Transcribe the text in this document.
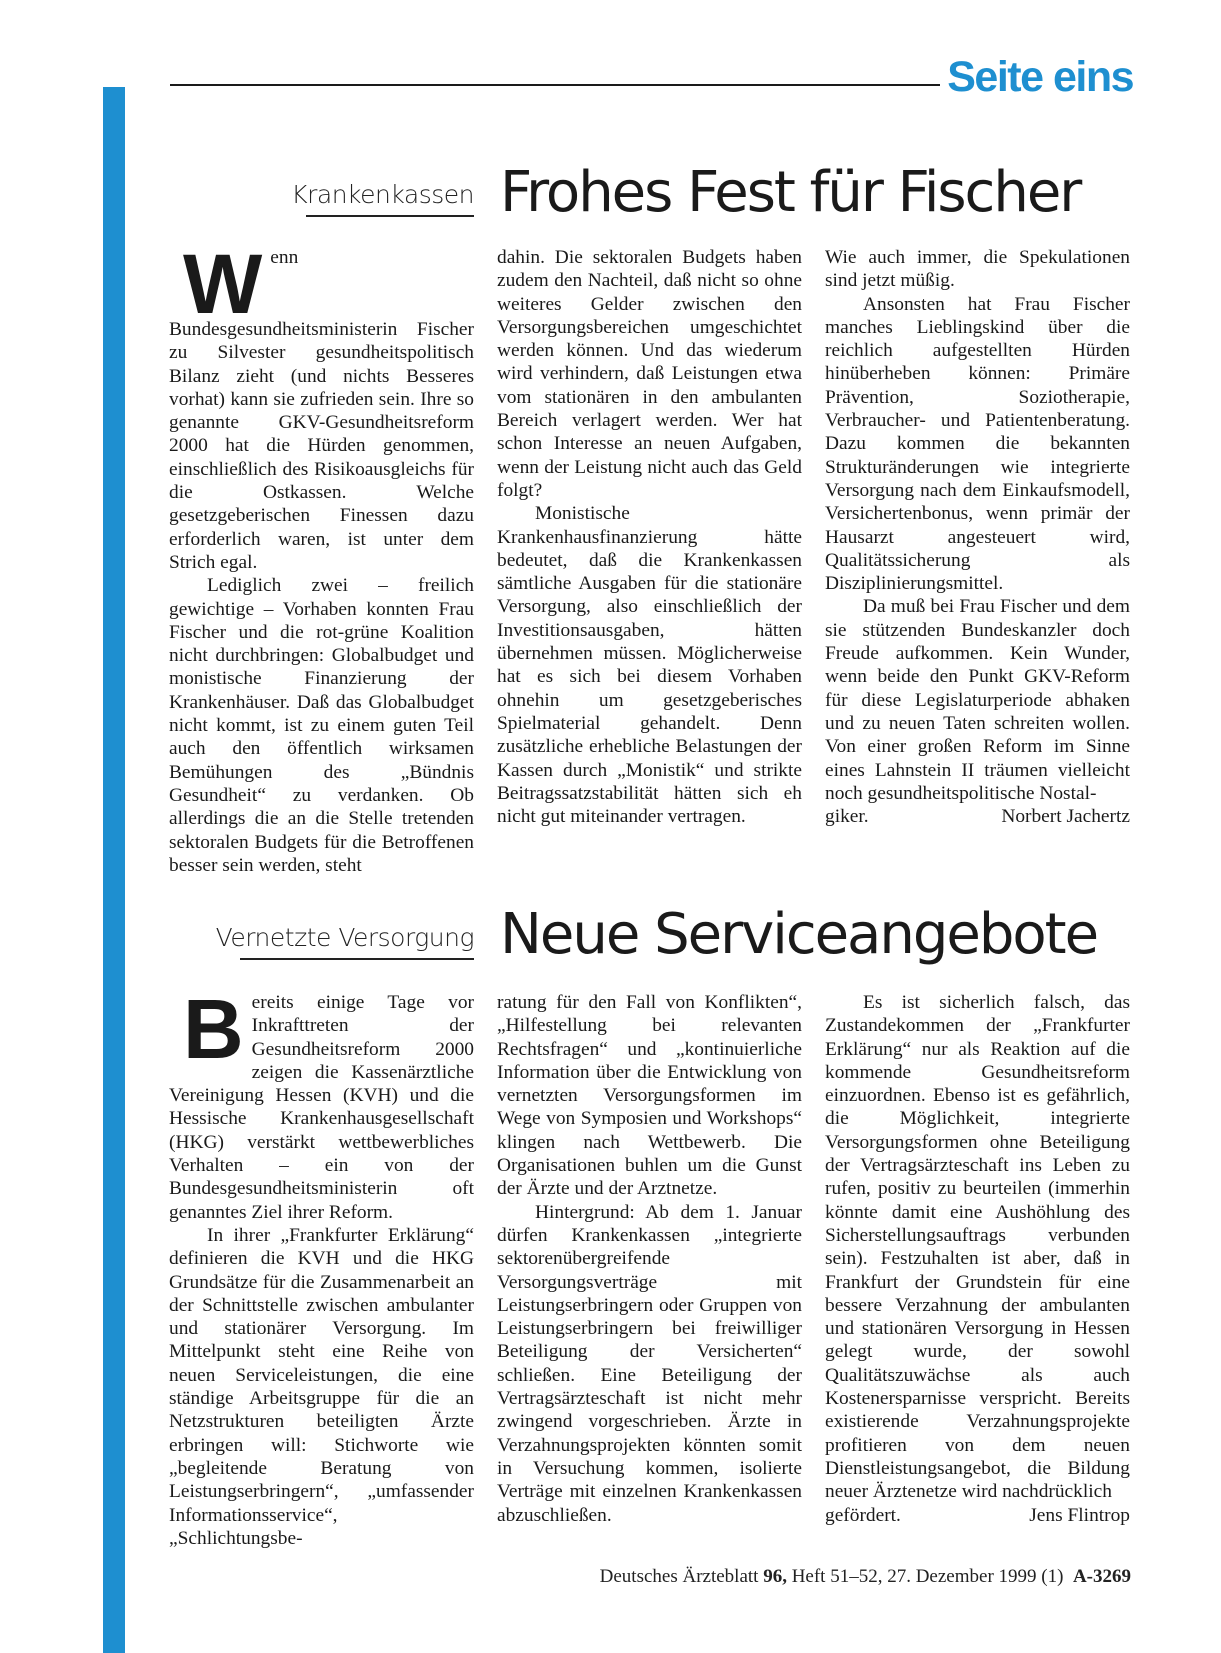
Seite eins
Krankenkassen Frohes Fest für Fischer
W enn Bundesgesundheitsministerin Fischer zu Silvester gesundheitspolitisch Bilanz zieht (und nichts Besseres vorhat) kann sie zufrieden sein. Ihre so genannte GKV-Gesundheitsreform 2000 hat die Hürden genommen, einschließlich des Risikoausgleichs für die Ostkassen. Welche gesetzgeberischen Finessen dazu erforderlich waren, ist unter dem Strich egal.

Lediglich zwei – freilich gewichtige – Vorhaben konnten Frau Fischer und die rot-grüne Koalition nicht durchbringen: Globalbudget und monistische Finanzierung der Krankenhäuser. Daß das Globalbudget nicht kommt, ist zu einem guten Teil auch den öffentlich wirksamen Bemühungen des „Bündnis Gesundheit“ zu verdanken. Ob allerdings die an die Stelle tretenden sektoralen Budgets für die Betroffenen besser sein werden, steht

dahin. Die sektoralen Budgets haben zudem den Nachteil, daß nicht so ohne weiteres Gelder zwischen den Versorgungsbereichen umgeschichtet werden können. Und das wiederum wird verhindern, daß Leistungen etwa vom stationären in den ambulanten Bereich verlagert werden. Wer hat schon Interesse an neuen Aufgaben, wenn der Leistung nicht auch das Geld folgt?

Monistische Krankenhausfinanzierung hätte bedeutet, daß die Krankenkassen sämtliche Ausgaben für die stationäre Versorgung, also einschließlich der Investitionsausgaben, hätten übernehmen müssen. Möglicherweise hat es sich bei diesem Vorhaben ohnehin um gesetzgeberisches Spielmaterial gehandelt. Denn zusätzliche erhebliche Belastungen der Kassen durch „Monistik“ und strikte Beitragssatzstabilität hätten sich eh nicht gut miteinander vertragen.

Wie auch immer, die Spekulationen sind jetzt müßig.

Ansonsten hat Frau Fischer manches Lieblingskind über die reichlich aufgestellten Hürden hinüberheben können: Primäre Prävention, Soziotherapie, Verbraucher- und Patientenberatung. Dazu kommen die bekannten Strukturänderungen wie integrierte Versorgung nach dem Einkaufsmodell, Versichertenbonus, wenn primär der Hausarzt angesteuert wird, Qualitätssicherung als Disziplinierungsmittel.

Da muß bei Frau Fischer und dem sie stützenden Bundeskanzler doch Freude aufkommen. Kein Wunder, wenn beide den Punkt GKV-Reform für diese Legislaturperiode abhaken und zu neuen Taten schreiten wollen. Von einer großen Reform im Sinne eines Lahnstein II träumen vielleicht noch gesundheitspolitische Nostal-

giker.	Norbert Jachertz
Vernetzte Versorgung Neue Serviceangebote
B ereits einige Tage vor Inkrafttreten der Gesundheitsreform 2000 zeigen die Kassenärztliche Vereinigung Hessen (KVH) und die Hessische Krankenhausgesellschaft (HKG) verstärkt wettbewerbliches Verhalten – ein von der Bundesgesundheitsministerin oft genanntes Ziel ihrer Reform.

In ihrer „Frankfurter Erklärung“ definieren die KVH und die HKG Grundsätze für die Zusammenarbeit an der Schnittstelle zwischen ambulanter und stationärer Versorgung. Im Mittelpunkt steht eine Reihe von neuen Serviceleistungen, die eine ständige Arbeitsgruppe für die an Netzstrukturen beteiligten Ärzte erbringen will: Stichworte wie „begleitende Beratung von Leistungserbringern“, „umfassender Informationsservice“, „Schlichtungsbe-

ratung für den Fall von Konflikten“, „Hilfestellung bei relevanten Rechtsfragen“ und „kontinuierliche Information über die Entwicklung von vernetzten Versorgungsformen im Wege von Symposien und Workshops“ klingen nach Wettbewerb. Die Organisationen buhlen um die Gunst der Ärzte und der Arztnetze.

Hintergrund: Ab dem 1. Januar dürfen Krankenkassen „integrierte sektorenübergreifende Versorgungsverträge mit Leistungserbringern oder Gruppen von Leistungserbringern bei freiwilliger Beteiligung der Versicherten“ schließen. Eine Beteiligung der Vertragsärzteschaft ist nicht mehr zwingend vorgeschrieben. Ärzte in Verzahnungsprojekten könnten somit in Versuchung kommen, isolierte Verträge mit einzelnen Krankenkassen abzuschließen.

Es ist sicherlich falsch, das Zustandekommen der „Frankfurter Erklärung“ nur als Reaktion auf die kommende Gesundheitsreform einzuordnen. Ebenso ist es gefährlich, die Möglichkeit, integrierte Versorgungsformen ohne Beteiligung der Vertragsärzteschaft ins Leben zu rufen, positiv zu beurteilen (immerhin könnte damit eine Aushöhlung des Sicherstellungsauftrags verbunden sein). Festzuhalten ist aber, daß in Frankfurt der Grundstein für eine bessere Verzahnung der ambulanten und stationären Versorgung in Hessen gelegt wurde, der sowohl Qualitätszuwächse als auch Kostenersparnisse verspricht. Bereits existierende Verzahnungsprojekte profitieren von dem neuen Dienstleistungsangebot, die Bildung neuer Ärztenetze wird nachdrücklich

gefördert.	Jens Flintrop
Deutsches Ärzteblatt 96, Heft 51–52, 27. Dezember 1999 (1) A-3269
